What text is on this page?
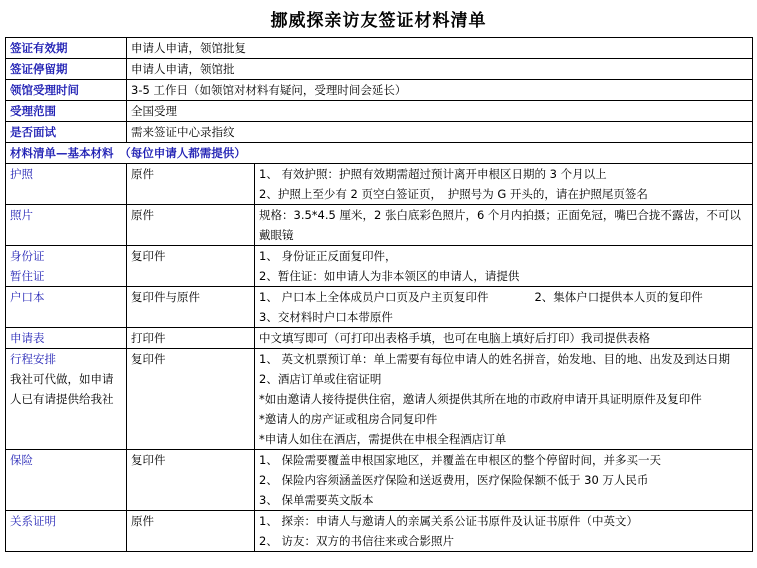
挪威探亲访友签证材料清单
签证有效期	申请人申请，领馆批复	
签证停留期	申请人申请，领馆批	
领馆受理时间	3-5 工作日（如领馆对材料有疑问，受理时间会延长）	
受理范围	全国受理	
是否面试	需来签证中心录指纹	
材料清单—基本材料　（每位申请人都需提供）		

护照	原件	1、 有效护照：护照有效期需超过预计离开申根区日期的 3 个月以上
2、护照上至少有 2 页空白签证页，　护照号为 G 开头的，请在护照尾页签名

照片	原件	规格：3.5*4.5 厘米，2 张白底彩色照片，6 个月内拍摄；正面免冠，嘴巴合拢不露齿，不可以戴眼镜

身份证
暂住证	复印件	1、 身份证正反面复印件，
2、暂住证：如申请人为非本领区的申请人，请提供

户口本	复印件与原件	1、 户口本上全体成员户口页及户主页复印件　　　　2、集体户口提供本人页的复印件
3、交材料时户口本带原件

申请表	打印件	中文填写即可（可打印出表格手填，也可在电脑上填好后打印）我司提供表格

行程安排
我社可代做，如申请
人已有请提供给我社	复印件	1、 英文机票预订单：单上需要有每位申请人的姓名拼音，始发地、目的地、出发及到达日期
2、酒店订单或住宿证明
*如由邀请人接待提供住宿，邀请人须提供其所在地的市政府申请开具证明原件及复印件
*邀请人的房产证或租房合同复印件
*申请人如住在酒店，需提供在申根全程酒店订单

保险	复印件	1、 保险需要覆盖申根国家地区，并覆盖在申根区的整个停留时间，并多买一天
2、 保险内容须涵盖医疗保险和送返费用，医疗保险保额不低于 30 万人民币
3、 保单需要英文版本

关系证明	原件	1、 探亲：申请人与邀请人的亲属关系公证书原件及认证书原件（中英文）
2、 访友：双方的书信往来或合影照片
